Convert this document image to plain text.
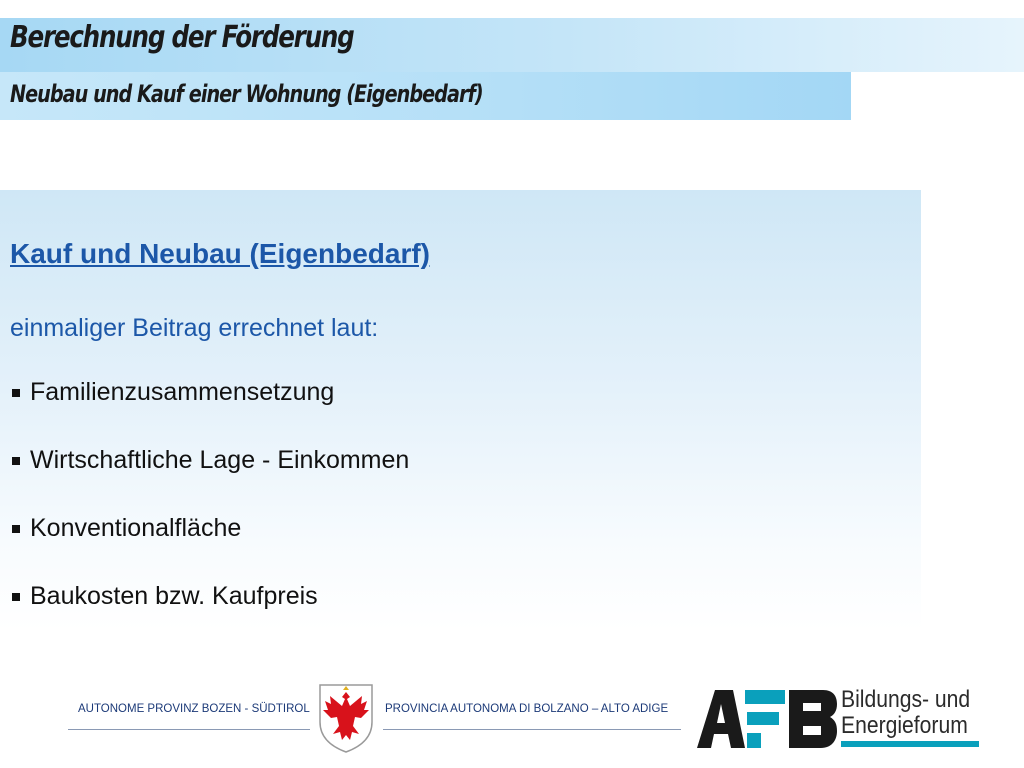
Berechnung der Förderung
Neubau und Kauf einer Wohnung (Eigenbedarf)
Kauf und Neubau (Eigenbedarf)

einmaliger Beitrag errechnet laut:

Familienzusammensetzung
Wirtschaftliche Lage - Einkommen
Konventionalfläche
Baukosten bzw. Kaufpreis
AUTONOME PROVINZ BOZEN - SÜDTIROL	PROVINCIA AUTONOMA DI BOLZANO – ALTO ADIGE	Bildungs- und
Energieforum
